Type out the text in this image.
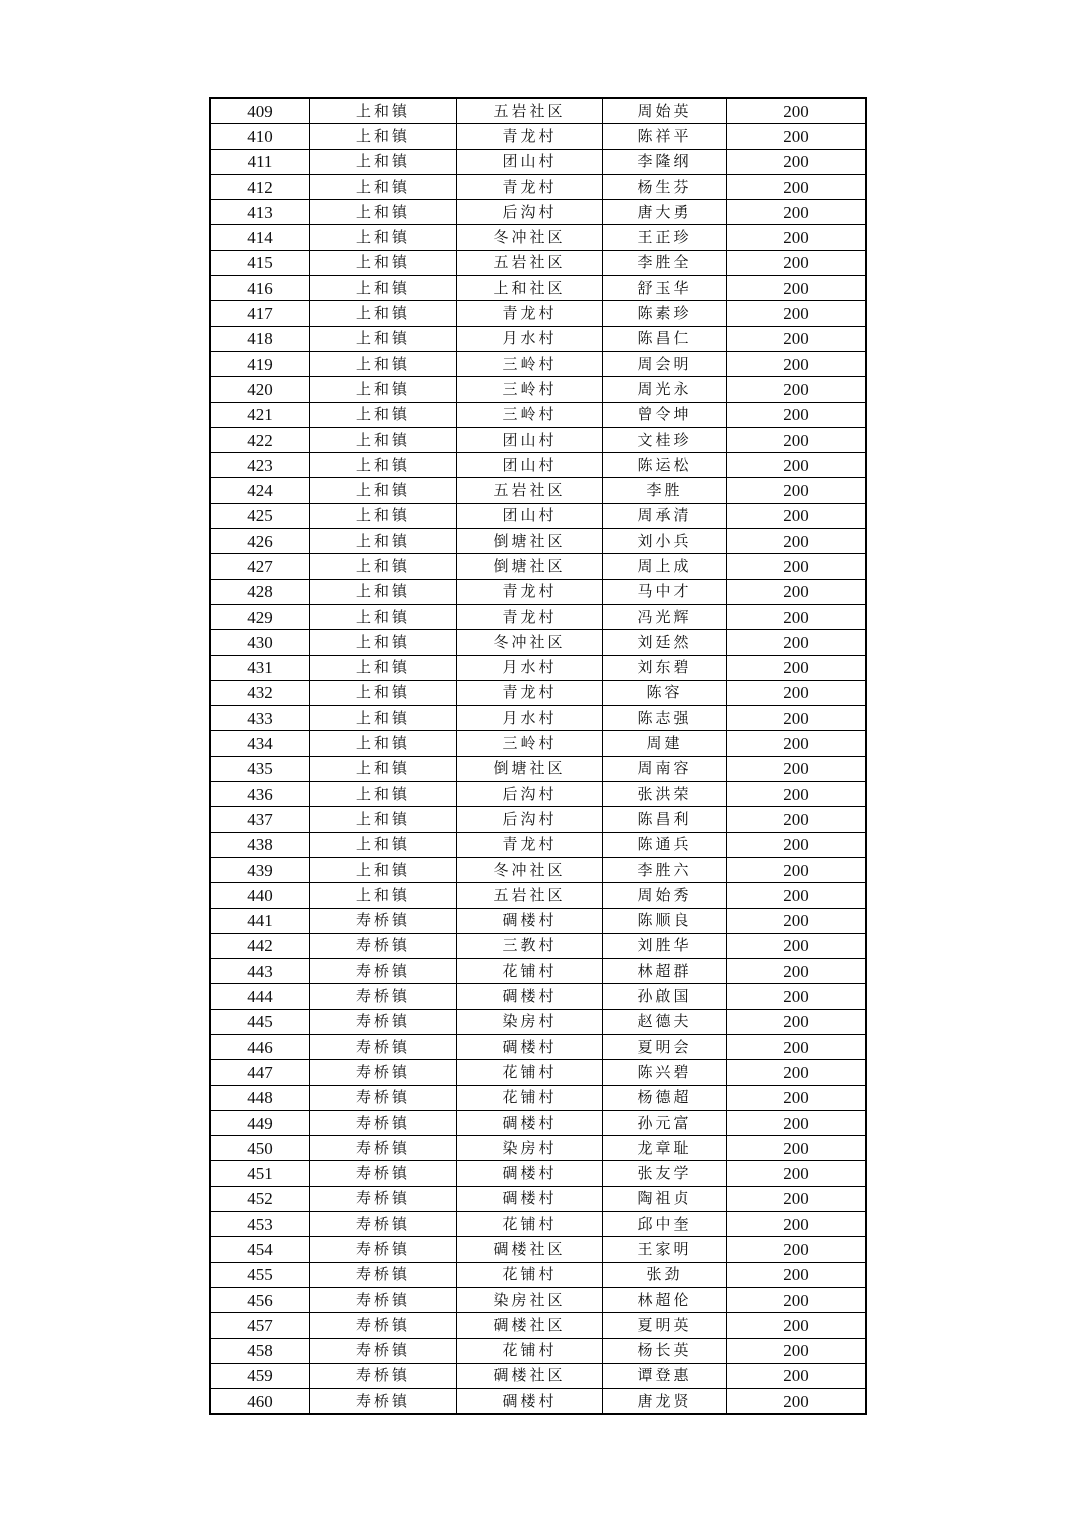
409	上和镇	五岩社区	周始英	200
410	上和镇	青龙村	陈祥平	200
411	上和镇	团山村	李隆纲	200
412	上和镇	青龙村	杨生芬	200
413	上和镇	后沟村	唐大勇	200
414	上和镇	冬冲社区	王正珍	200
415	上和镇	五岩社区	李胜全	200
416	上和镇	上和社区	舒玉华	200
417	上和镇	青龙村	陈素珍	200
418	上和镇	月水村	陈昌仁	200
419	上和镇	三岭村	周会明	200
420	上和镇	三岭村	周光永	200
421	上和镇	三岭村	曾令坤	200
422	上和镇	团山村	文桂珍	200
423	上和镇	团山村	陈运松	200
424	上和镇	五岩社区	李胜	200
425	上和镇	团山村	周承清	200
426	上和镇	倒塘社区	刘小兵	200
427	上和镇	倒塘社区	周上成	200
428	上和镇	青龙村	马中才	200
429	上和镇	青龙村	冯光辉	200
430	上和镇	冬冲社区	刘廷然	200
431	上和镇	月水村	刘东碧	200
432	上和镇	青龙村	陈容	200
433	上和镇	月水村	陈志强	200
434	上和镇	三岭村	周建	200
435	上和镇	倒塘社区	周南容	200
436	上和镇	后沟村	张洪荣	200
437	上和镇	后沟村	陈昌利	200
438	上和镇	青龙村	陈通兵	200
439	上和镇	冬冲社区	李胜六	200
440	上和镇	五岩社区	周始秀	200
441	寿桥镇	碉楼村	陈顺良	200
442	寿桥镇	三教村	刘胜华	200
443	寿桥镇	花铺村	林超群	200
444	寿桥镇	碉楼村	孙啟国	200
445	寿桥镇	染房村	赵德夫	200
446	寿桥镇	碉楼村	夏明会	200
447	寿桥镇	花铺村	陈兴碧	200
448	寿桥镇	花铺村	杨德超	200
449	寿桥镇	碉楼村	孙元富	200
450	寿桥镇	染房村	龙章耻	200
451	寿桥镇	碉楼村	张友学	200
452	寿桥镇	碉楼村	陶祖贞	200
453	寿桥镇	花铺村	邱中奎	200
454	寿桥镇	碉楼社区	王家明	200
455	寿桥镇	花铺村	张劲	200
456	寿桥镇	染房社区	林超伦	200
457	寿桥镇	碉楼社区	夏明英	200
458	寿桥镇	花铺村	杨长英	200
459	寿桥镇	碉楼社区	谭登惠	200
460	寿桥镇	碉楼村	唐龙贤	200
